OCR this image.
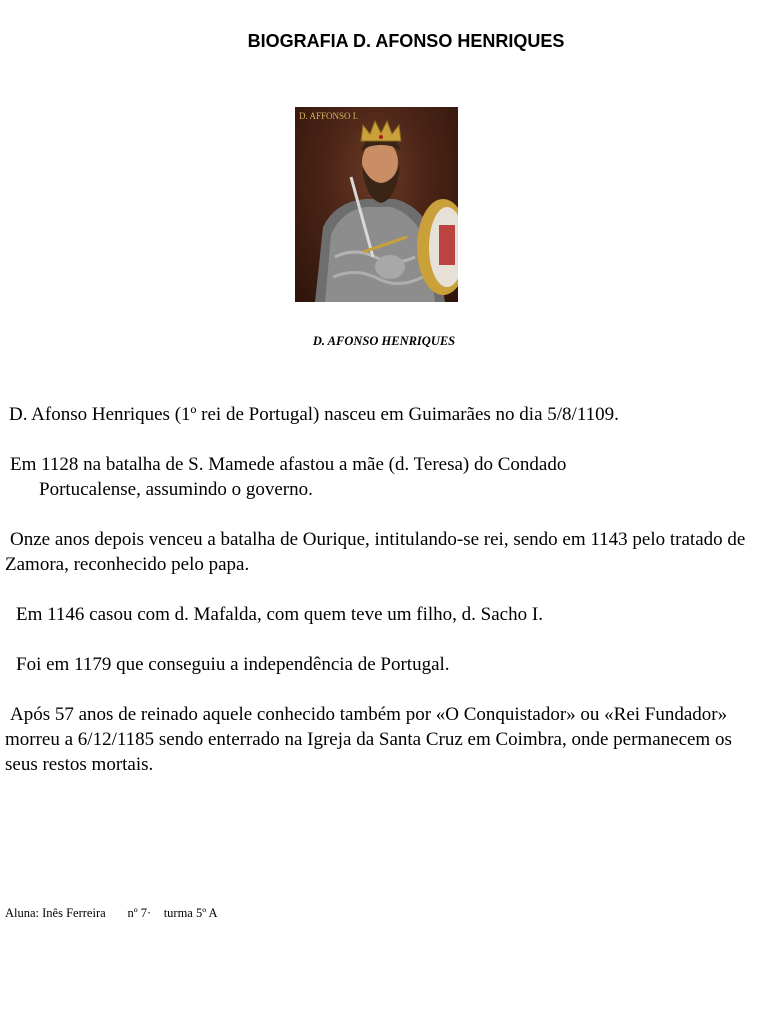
BIOGRAFIA D. AFONSO HENRIQUES
D. AFFONSO I.
D. AFONSO HENRIQUES

D. Afonso Henriques (1º rei de Portugal) nasceu em Guimarães no dia 5/8/1109.

Em 1128 na batalha de S. Mamede afastou a mãe (d. Teresa) do Condado

Portucalense, assumindo o governo.

Onze anos depois venceu a batalha de Ourique, intitulando-se rei, sendo em 1143 pelo tratado de Zamora, reconhecido pelo papa.

Em 1146 casou com d. Mafalda, com quem teve um filho, d. Sacho I.

Foi em 1179 que conseguiu a independência de Portugal.

Após 57 anos de reinado aquele conhecido também por «O Conquistador» ou «Rei Fundador» morreu a 6/12/1185 sendo enterrado na Igreja da Santa Cruz em Coimbra, onde permanecem os seus restos mortais.

Aluna: Inês Ferreira nº 7· turma 5º A
